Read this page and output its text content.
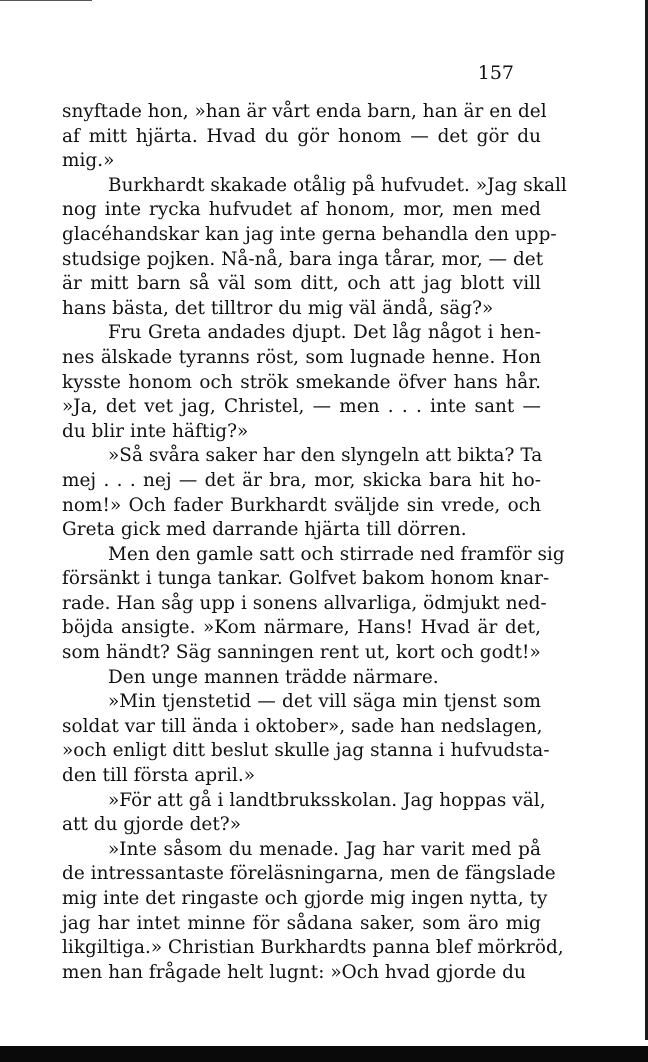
157
snyftade hon, »han är vårt enda barn, han är en del
af mitt hjärta. Hvad du gör honom — det gör du
mig.»
Burkhardt skakade otålig på hufvudet. »Jag skall
nog inte rycka hufvudet af honom, mor, men med
glacéhandskar kan jag inte gerna behandla den upp-
studsige pojken. Nå-nå, bara inga tårar, mor, — det
är mitt barn så väl som ditt, och att jag blott vill
hans bästa, det tilltror du mig väl ändå, säg?»
Fru Greta andades djupt. Det låg något i hen-
nes älskade tyranns röst, som lugnade henne. Hon
kysste honom och strök smekande öfver hans hår.
»Ja, det vet jag, Christel, — men . . . inte sant —
du blir inte häftig?»
»Så svåra saker har den slyngeln att bikta? Ta
mej . . . nej — det är bra, mor, skicka bara hit ho-
nom!» Och fader Burkhardt sväljde sin vrede, och
Greta gick med darrande hjärta till dörren.
Men den gamle satt och stirrade ned framför sig
försänkt i tunga tankar. Golfvet bakom honom knar-
rade. Han såg upp i sonens allvarliga, ödmjukt ned-
böjda ansigte. »Kom närmare, Hans! Hvad är det,
som händt? Säg sanningen rent ut, kort och godt!»
Den unge mannen trädde närmare.
»Min tjenstetid — det vill säga min tjenst som
soldat var till ända i oktober», sade han nedslagen,
»och enligt ditt beslut skulle jag stanna i hufvudsta-
den till första april.»
»För att gå i landtbruksskolan. Jag hoppas väl,
att du gjorde det?»
»Inte såsom du menade. Jag har varit med på
de intressantaste föreläsningarna, men de fängslade
mig inte det ringaste och gjorde mig ingen nytta, ty
jag har intet minne för sådana saker, som äro mig
likgiltiga.» Christian Burkhardts panna blef mörkröd,
men han frågade helt lugnt: »Och hvad gjorde du
